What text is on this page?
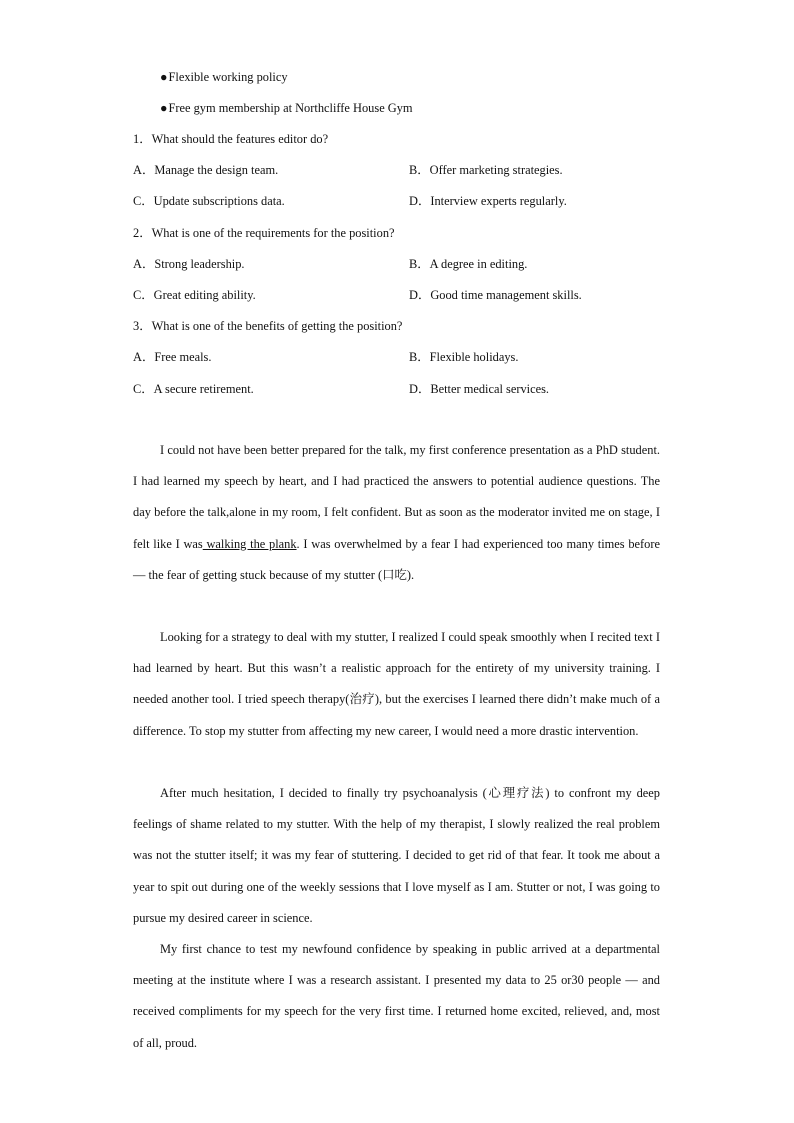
●Flexible working policy
●Free gym membership at Northcliffe House Gym
1．What should the features editor do?
A．Manage the design team.	B．Offer marketing strategies.
C．Update subscriptions data.	D．Interview experts regularly.
2．What is one of the requirements for the position?
A．Strong leadership.	B．A degree in editing.
C．Great editing ability.	D．Good time management skills.
3．What is one of the benefits of getting the position?
A．Free meals.	B．Flexible holidays.
C．A secure retirement.	D．Better medical services.
I could not have been better prepared for the talk, my first conference presentation as a PhD student. I had learned my speech by heart, and I had practiced the answers to potential audience questions. The day before the talk,alone in my room, I felt confident. But as soon as the moderator invited me on stage, I felt like I was walking the plank. I was overwhelmed by a fear I had experienced too many times before — the fear of getting stuck because of my stutter (口吃).
Looking for a strategy to deal with my stutter, I realized I could speak smoothly when I recited text I had learned by heart. But this wasn’t a realistic approach for the entirety of my university training. I needed another tool. I tried speech therapy(治疗), but the exercises I learned there didn’t make much of a difference. To stop my stutter from affecting my new career, I would need a more drastic intervention.
After much hesitation, I decided to finally try psychoanalysis (心理疗法) to confront my deep feelings of shame related to my stutter. With the help of my therapist, I slowly realized the real problem was not the stutter itself; it was my fear of stuttering. I decided to get rid of that fear. It took me about a year to spit out during one of the weekly sessions that I love myself as I am. Stutter or not, I was going to pursue my desired career in science.
My first chance to test my newfound confidence by speaking in public arrived at a departmental meeting at the institute where I was a research assistant. I presented my data to 25 or30 people — and received compliments for my speech for the very first time. I returned home excited, relieved, and, most of all, proud.
